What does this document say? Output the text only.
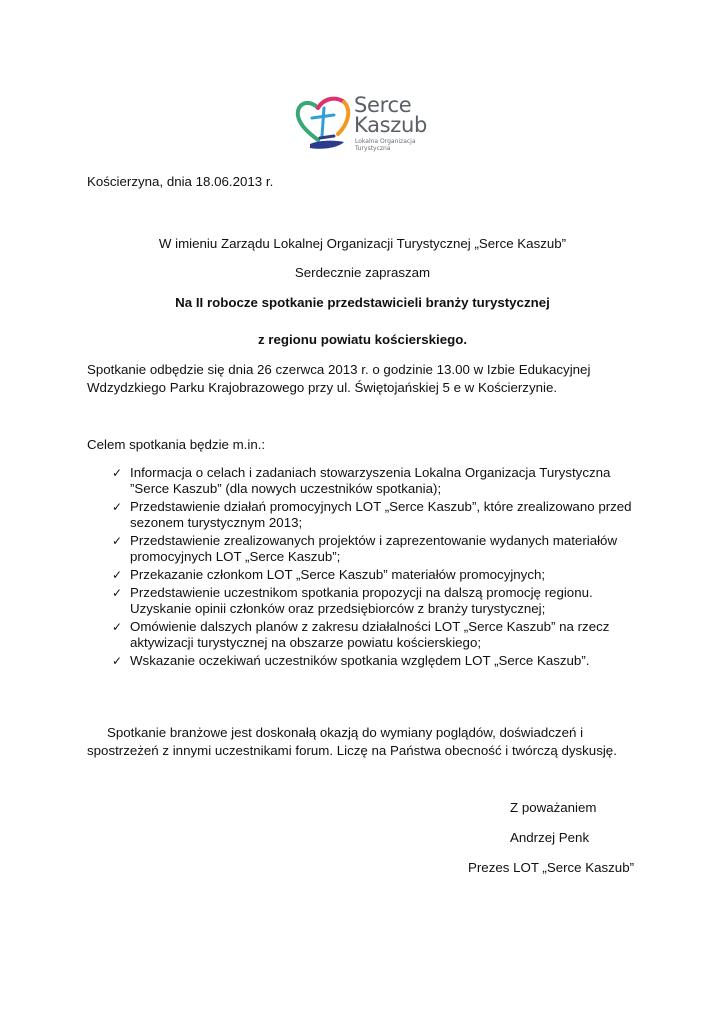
Serce
Kaszub
Lokalna Organizacja
Turystyczna
Kościerzyna, dnia 18.06.2013 r.
W imieniu Zarządu Lokalnej Organizacji Turystycznej „Serce Kaszub”
Serdecznie zapraszam
Na II robocze spotkanie przedstawicieli branży turystycznej
z regionu powiatu kościerskiego.
Spotkanie odbędzie się dnia 26 czerwca 2013 r. o godzinie 13.00 w Izbie Edukacyjnej
Wdzydzkiego Parku Krajobrazowego przy ul. Świętojańskiej 5 e w Kościerzynie.
Celem spotkania będzie m.in.:
✓ Informacja o celach i zadaniach stowarzyszenia Lokalna Organizacja Turystyczna
”Serce Kaszub” (dla nowych uczestników spotkania);
✓ Przedstawienie działań promocyjnych LOT „Serce Kaszub”, które zrealizowano przed
sezonem turystycznym 2013;
✓ Przedstawienie zrealizowanych projektów i zaprezentowanie wydanych materiałów
promocyjnych LOT „Serce Kaszub”;
✓ Przekazanie członkom LOT „Serce Kaszub” materiałów promocyjnych;
✓ Przedstawienie uczestnikom spotkania propozycji na dalszą promocję regionu.
Uzyskanie opinii członków oraz przedsiębiorców z branży turystycznej;
✓ Omówienie dalszych planów z zakresu działalności LOT „Serce Kaszub” na rzecz
aktywizacji turystycznej na obszarze powiatu kościerskiego;
✓ Wskazanie oczekiwań uczestników spotkania względem LOT „Serce Kaszub”.
Spotkanie branżowe jest doskonałą okazją do wymiany poglądów, doświadczeń i
spostrzeżeń z innymi uczestnikami forum. Liczę na Państwa obecność i twórczą dyskusję.
Z poważaniem
Andrzej Penk
Prezes LOT „Serce Kaszub”
